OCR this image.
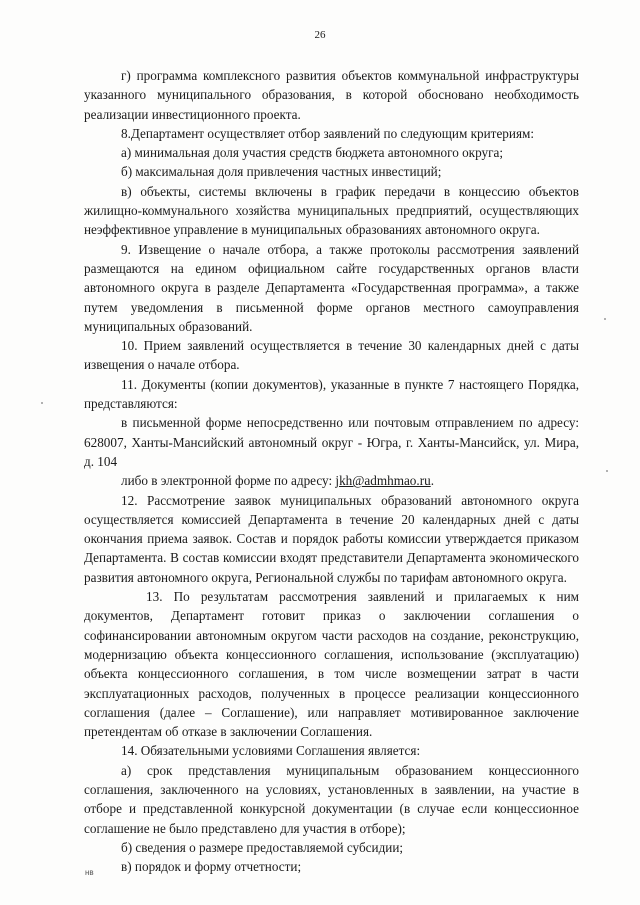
26

г) программа комплексного развития объектов коммунальной инфраструктуры указанного муниципального образования, в которой обосновано необходимость реализации инвестиционного проекта.

8.Департамент осуществляет отбор заявлений по следующим критериям:

а) минимальная доля участия средств бюджета автономного округа;

б) максимальная доля привлечения частных инвестиций;

в) объекты, системы включены в график передачи в концессию объектов жилищно-коммунального хозяйства муниципальных предприятий, осуществляющих неэффективное управление в муниципальных образованиях автономного округа.

9. Извещение о начале отбора, а также протоколы рассмотрения заявлений размещаются на едином официальном сайте государственных органов власти автономного округа в разделе Департамента «Государственная программа», а также путем уведомления в письменной форме органов местного самоуправления муниципальных образований.

10. Прием заявлений осуществляется в течение 30 календарных дней с даты извещения о начале отбора.

11. Документы (копии документов), указанные в пункте 7 настоящего Порядка, представляются:

в письменной форме непосредственно или почтовым отправлением по адресу: 628007, Ханты-Мансийский автономный округ - Югра, г. Ханты-Мансийск, ул. Мира, д. 104

либо в электронной форме по адресу: jkh@admhmao.ru.

12. Рассмотрение заявок муниципальных образований автономного округа осуществляется комиссией Департамента в течение 20 календарных дней с даты окончания приема заявок. Состав и порядок работы комиссии утверждается приказом Департамента. В состав комиссии входят представители Департамента экономического развития автономного округа, Региональной службы по тарифам автономного округа.

13. По результатам рассмотрения заявлений и прилагаемых к ним документов, Департамент готовит приказ о заключении соглашения о софинансировании автономным округом части расходов на создание, реконструкцию, модернизацию объекта концессионного соглашения, использование (эксплуатацию) объекта концессионного соглашения, в том числе возмещении затрат в части эксплуатационных расходов, полученных в процессе реализации концессионного соглашения (далее – Соглашение), или направляет мотивированное заключение претендентам об отказе в заключении Соглашения.

14. Обязательными условиями Соглашения является:

а) срок представления муниципальным образованием концессионного соглашения, заключенного на условиях, установленных в заявлении, на участие в отборе и представленной конкурсной документации (в случае если концессионное соглашение не было представлено для участия в отборе);

б) сведения о размере предоставляемой субсидии;

в) порядок и форму отчетности;

нв
